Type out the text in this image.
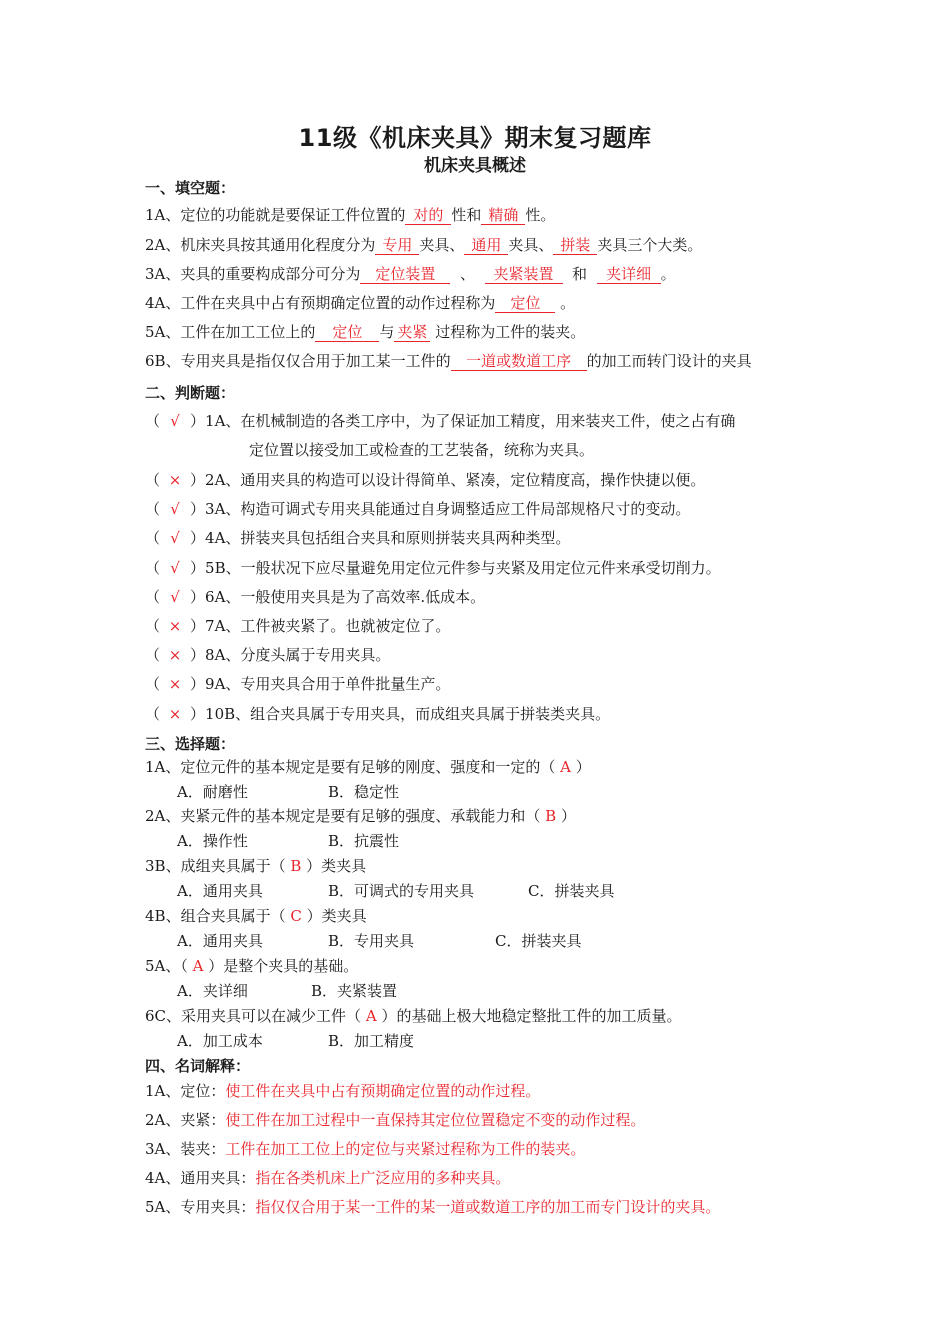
11级《机床夹具》期末复习题库
机床夹具概述
一、填空题：
1A、定位的功能就是要保证工件位置的 对的 性和 精确 性。
2A、机床夹具按其通用化程度分为 专用 夹具、 通用 夹具、 拼装 夹具三个大类。
3A、夹具的重要构成部分可分为 定位装置 、 夹紧装置 和 夹详细 。
4A、工件在夹具中占有预期确定位置的动作过程称为 定位 。
5A、工件在加工工位上的 定位 与 夹紧 过程称为工件的装夹。
6B、专用夹具是指仅仅合用于加工某一工件的 一道或数道工序 的加工而转门设计的夹具
二、判断题：
（ √ ）1A、在机械制造的各类工序中，为了保证加工精度，用来装夹工件，使之占有确
定位置以接受加工或检查的工艺装备，统称为夹具。
（ × ）2A、通用夹具的构造可以设计得简单、紧凑，定位精度高，操作快捷以便。
（ √ ）3A、构造可调式专用夹具能通过自身调整适应工件局部规格尺寸的变动。
（ √ ）4A、拼装夹具包括组合夹具和原则拼装夹具两种类型。
（ √ ）5B、一般状况下应尽量避免用定位元件参与夹紧及用定位元件来承受切削力。
（ √ ）6A、一般使用夹具是为了高效率.低成本。
（ × ）7A、工件被夹紧了。也就被定位了。
（ × ）8A、分度头属于专用夹具。
（ × ）9A、专用夹具合用于单件批量生产。
（ × ）10B、组合夹具属于专用夹具，而成组夹具属于拼装类夹具。
三、选择题：
1A、定位元件的基本规定是要有足够的刚度、强度和一定的（ A ）
A．耐磨性	B．稳定性
2A、夹紧元件的基本规定是要有足够的强度、承载能力和（ B ）
A．操作性	B．抗震性
3B、成组夹具属于（ B ）类夹具
A．通用夹具	B．可调式的专用夹具	C．拼装夹具
4B、组合夹具属于（ C ）类夹具
A．通用夹具	B．专用夹具	C．拼装夹具
5A、（ A ）是整个夹具的基础。
A．夹详细	B．夹紧装置
6C、采用夹具可以在减少工件（ A ）的基础上极大地稳定整批工件的加工质量。
A．加工成本	B．加工精度
四、名词解释：
1A、定位：使工件在夹具中占有预期确定位置的动作过程。
2A、夹紧：使工件在加工过程中一直保持其定位位置稳定不变的动作过程。
3A、装夹：工件在加工工位上的定位与夹紧过程称为工件的装夹。
4A、通用夹具：指在各类机床上广泛应用的多种夹具。
5A、专用夹具：指仅仅合用于某一工件的某一道或数道工序的加工而专门设计的夹具。
